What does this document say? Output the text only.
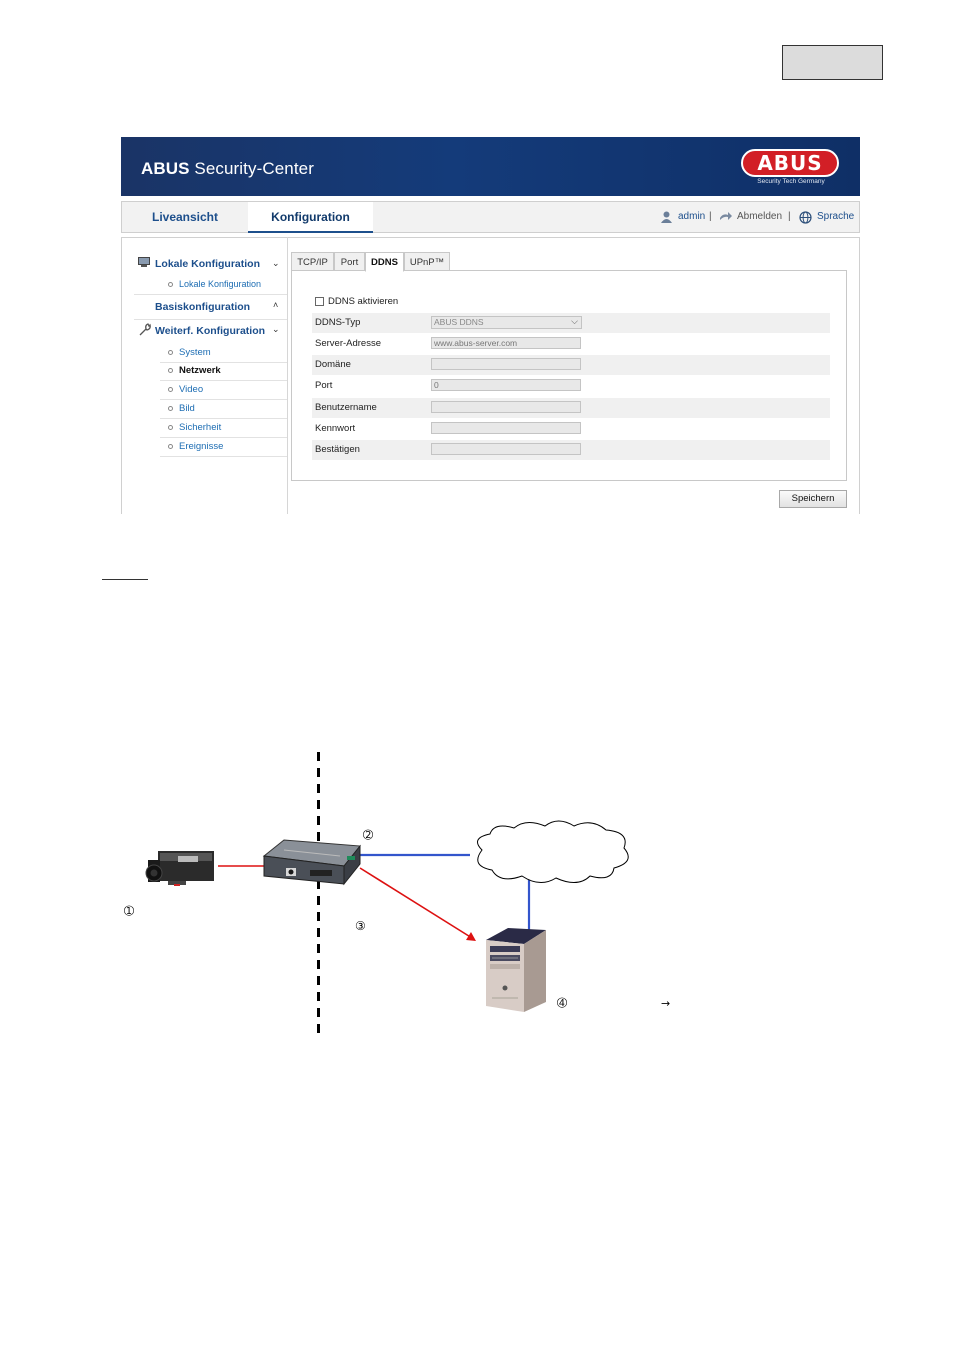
ABUS Security-Center	ABUS
Security Tech Germany
Liveansicht	Konfiguration	admin |	Abmelden |	Sprache
Lokale Konfiguration ⌄
Lokale Konfiguration
Basiskonfiguration	˄
Weiterf. Konfiguration ⌄
System
Netzwerk
Video
Bild
Sicherheit
Ereignisse
TCP/IP	Port	DDNS	UPnP™
DDNS aktivieren
DDNS-Typ	ABUS DDNS	⌵
Server-Adresse	www.abus-server.com
Domäne
Port	0
Benutzername
Kennwort
Bestätigen
Speichern
➀
➁
③
➃	→
